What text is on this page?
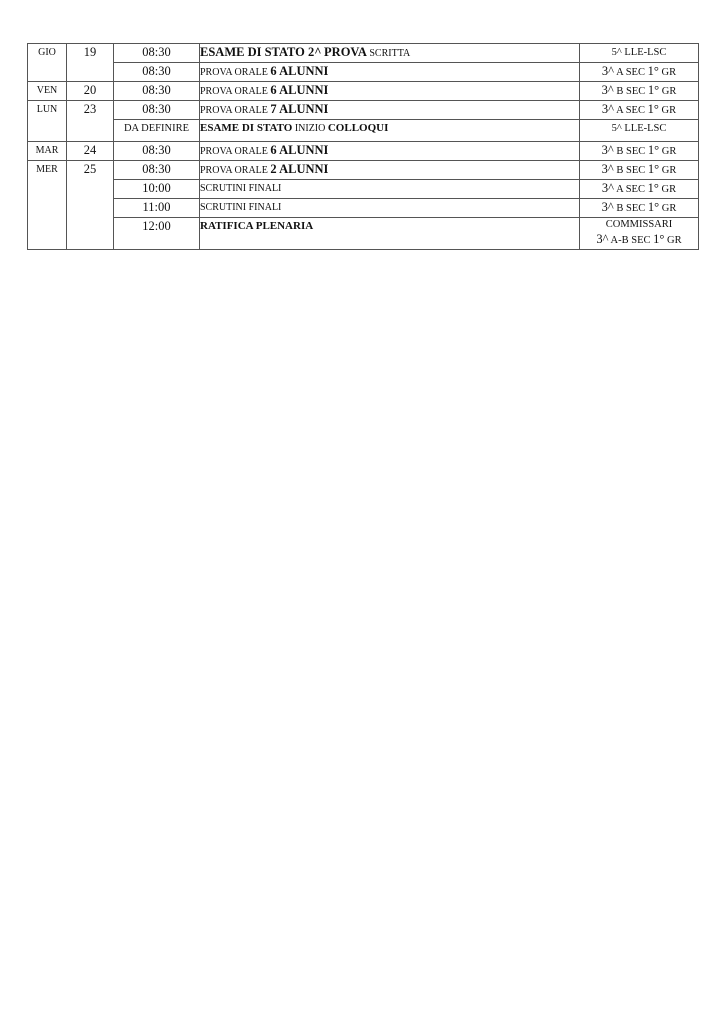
GIO	19	08:30	ESAME DI STATO 2^ PROVA SCRITTA	5^ LLE-LSC
		08:30	PROVA ORALE 6 ALUNNI	3^ A SEC 1° GR
VEN	20	08:30	PROVA ORALE 6 ALUNNI	3^ B SEC 1° GR
LUN	23	08:30	PROVA ORALE 7 ALUNNI	3^ A SEC 1° GR
		DA DEFINIRE	ESAME DI STATO INIZIO COLLOQUI	5^ LLE-LSC
MAR	24	08:30	PROVA ORALE 6 ALUNNI	3^ B SEC 1° GR
MER	25	08:30	PROVA ORALE 2 ALUNNI	3^ B SEC 1° GR
		10:00	SCRUTINI FINALI	3^ A SEC 1° GR
		11:00	SCRUTINI FINALI	3^ B SEC 1° GR
		12:00	RATIFICA PLENARIA	COMMISSARI
3^ A-B SEC 1° GR
